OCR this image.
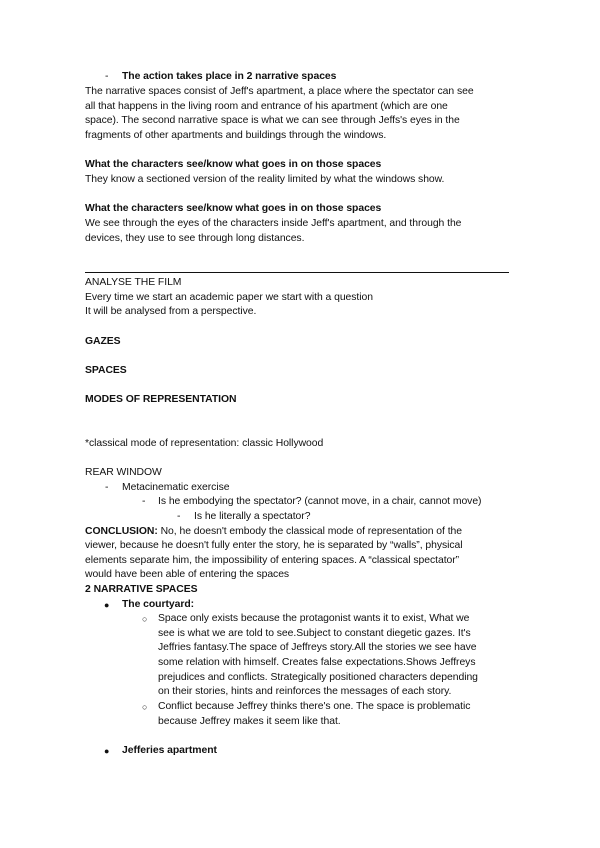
- The action takes place in 2 narrative spaces
The narrative spaces consist of Jeff's apartment, a place where the spectator can see
all that happens in the living room and entrance of his apartment (which are one
space). The second narrative space is what we can see through Jeffs's eyes in the
fragments of other apartments and buildings through the windows.
What the characters see/know what goes in on those spaces
They know a sectioned version of the reality limited by what the windows show.
What the characters see/know what goes in on those spaces
We see through the eyes of the characters inside Jeff's apartment, and through the
devices, they use to see through long distances.
ANALYSE THE FILM
Every time we start an academic paper we start with a question
It will be analysed from a perspective.
GAZES
SPACES
MODES OF REPRESENTATION
*classical mode of representation: classic Hollywood
REAR WINDOW
- Metacinematic exercise
- Is he embodying the spectator? (cannot move, in a chair, cannot move)
- Is he literally a spectator?
CONCLUSION: No, he doesn't embody the classical mode of representation of the
viewer, because he doesn't fully enter the story, he is separated by “walls”, physical
elements separate him, the impossibility of entering spaces. A “classical spectator”
would have been able of entering the spaces
2 NARRATIVE SPACES
● The courtyard:
○ Space only exists because the protagonist wants it to exist, What we
see is what we are told to see.Subject to constant diegetic gazes. It's
Jeffries fantasy.The space of Jeffreys story.All the stories we see have
some relation with himself. Creates false expectations.Shows Jeffreys
prejudices and conflicts. Strategically positioned characters depending
on their stories, hints and reinforces the messages of each story.
○ Conflict because Jeffrey thinks there's one. The space is problematic
because Jeffrey makes it seem like that.
● Jefferies apartment
